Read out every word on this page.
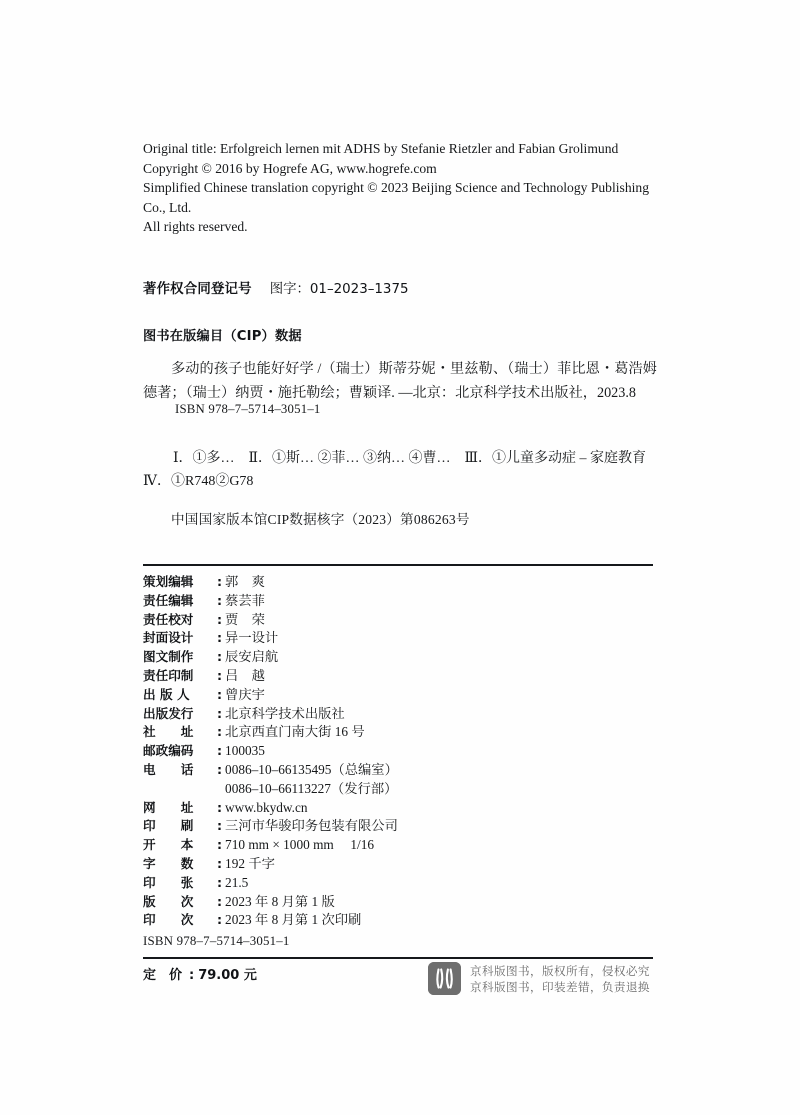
Original title: Erfolgreich lernen mit ADHS by Stefanie Rietzler and Fabian Grolimund
Copyright © 2016 by Hogrefe AG, www.hogrefe.com
Simplified Chinese translation copyright © 2023 Beijing Science and Technology Publishing Co., Ltd.
All rights reserved.
著作权合同登记号 图字：01–2023–1375
图书在版编目（CIP）数据
多动的孩子也能好好学 /（瑞士）斯蒂芬妮・里兹勒、（瑞士）菲比恩・葛浩姆德著；（瑞士）纳贾・施托勒绘；曹颖译. —北京：北京科学技术出版社，2023.8
ISBN 978–7–5714–3051–1
Ⅰ．①多…　Ⅱ．①斯… ②菲… ③纳… ④曹…　Ⅲ．①儿童多动症 – 家庭教育
Ⅳ．①R748②G78
中国国家版本馆CIP数据核字（2023）第086263号
策划编辑	: 郭　爽
责任编辑	: 蔡芸菲
责任校对	: 贾　荣
封面设计	: 异一设计
图文制作	: 辰安启航
责任印制	: 吕　越
出 版 人	: 曾庆宇
出版发行	: 北京科学技术出版社
社　　址	: 北京西直门南大街 16 号
邮政编码	: 100035
电　　话	: 0086–10–66135495（总编室）
0086–10–66113227（发行部）
网　　址	: www.bkydw.cn
印　　刷	: 三河市华骏印务包装有限公司
开　　本	: 710 mm × 1000 mm　 1/16
字　　数	: 192 千字
印　　张	: 21.5
版　　次	: 2023 年 8 月第 1 版
印　　次	: 2023 年 8 月第 1 次印刷
ISBN 978–7–5714–3051–1
定　价 : 79.00 元	京科版图书，版权所有，侵权必究
京科版图书，印装差错，负责退换
